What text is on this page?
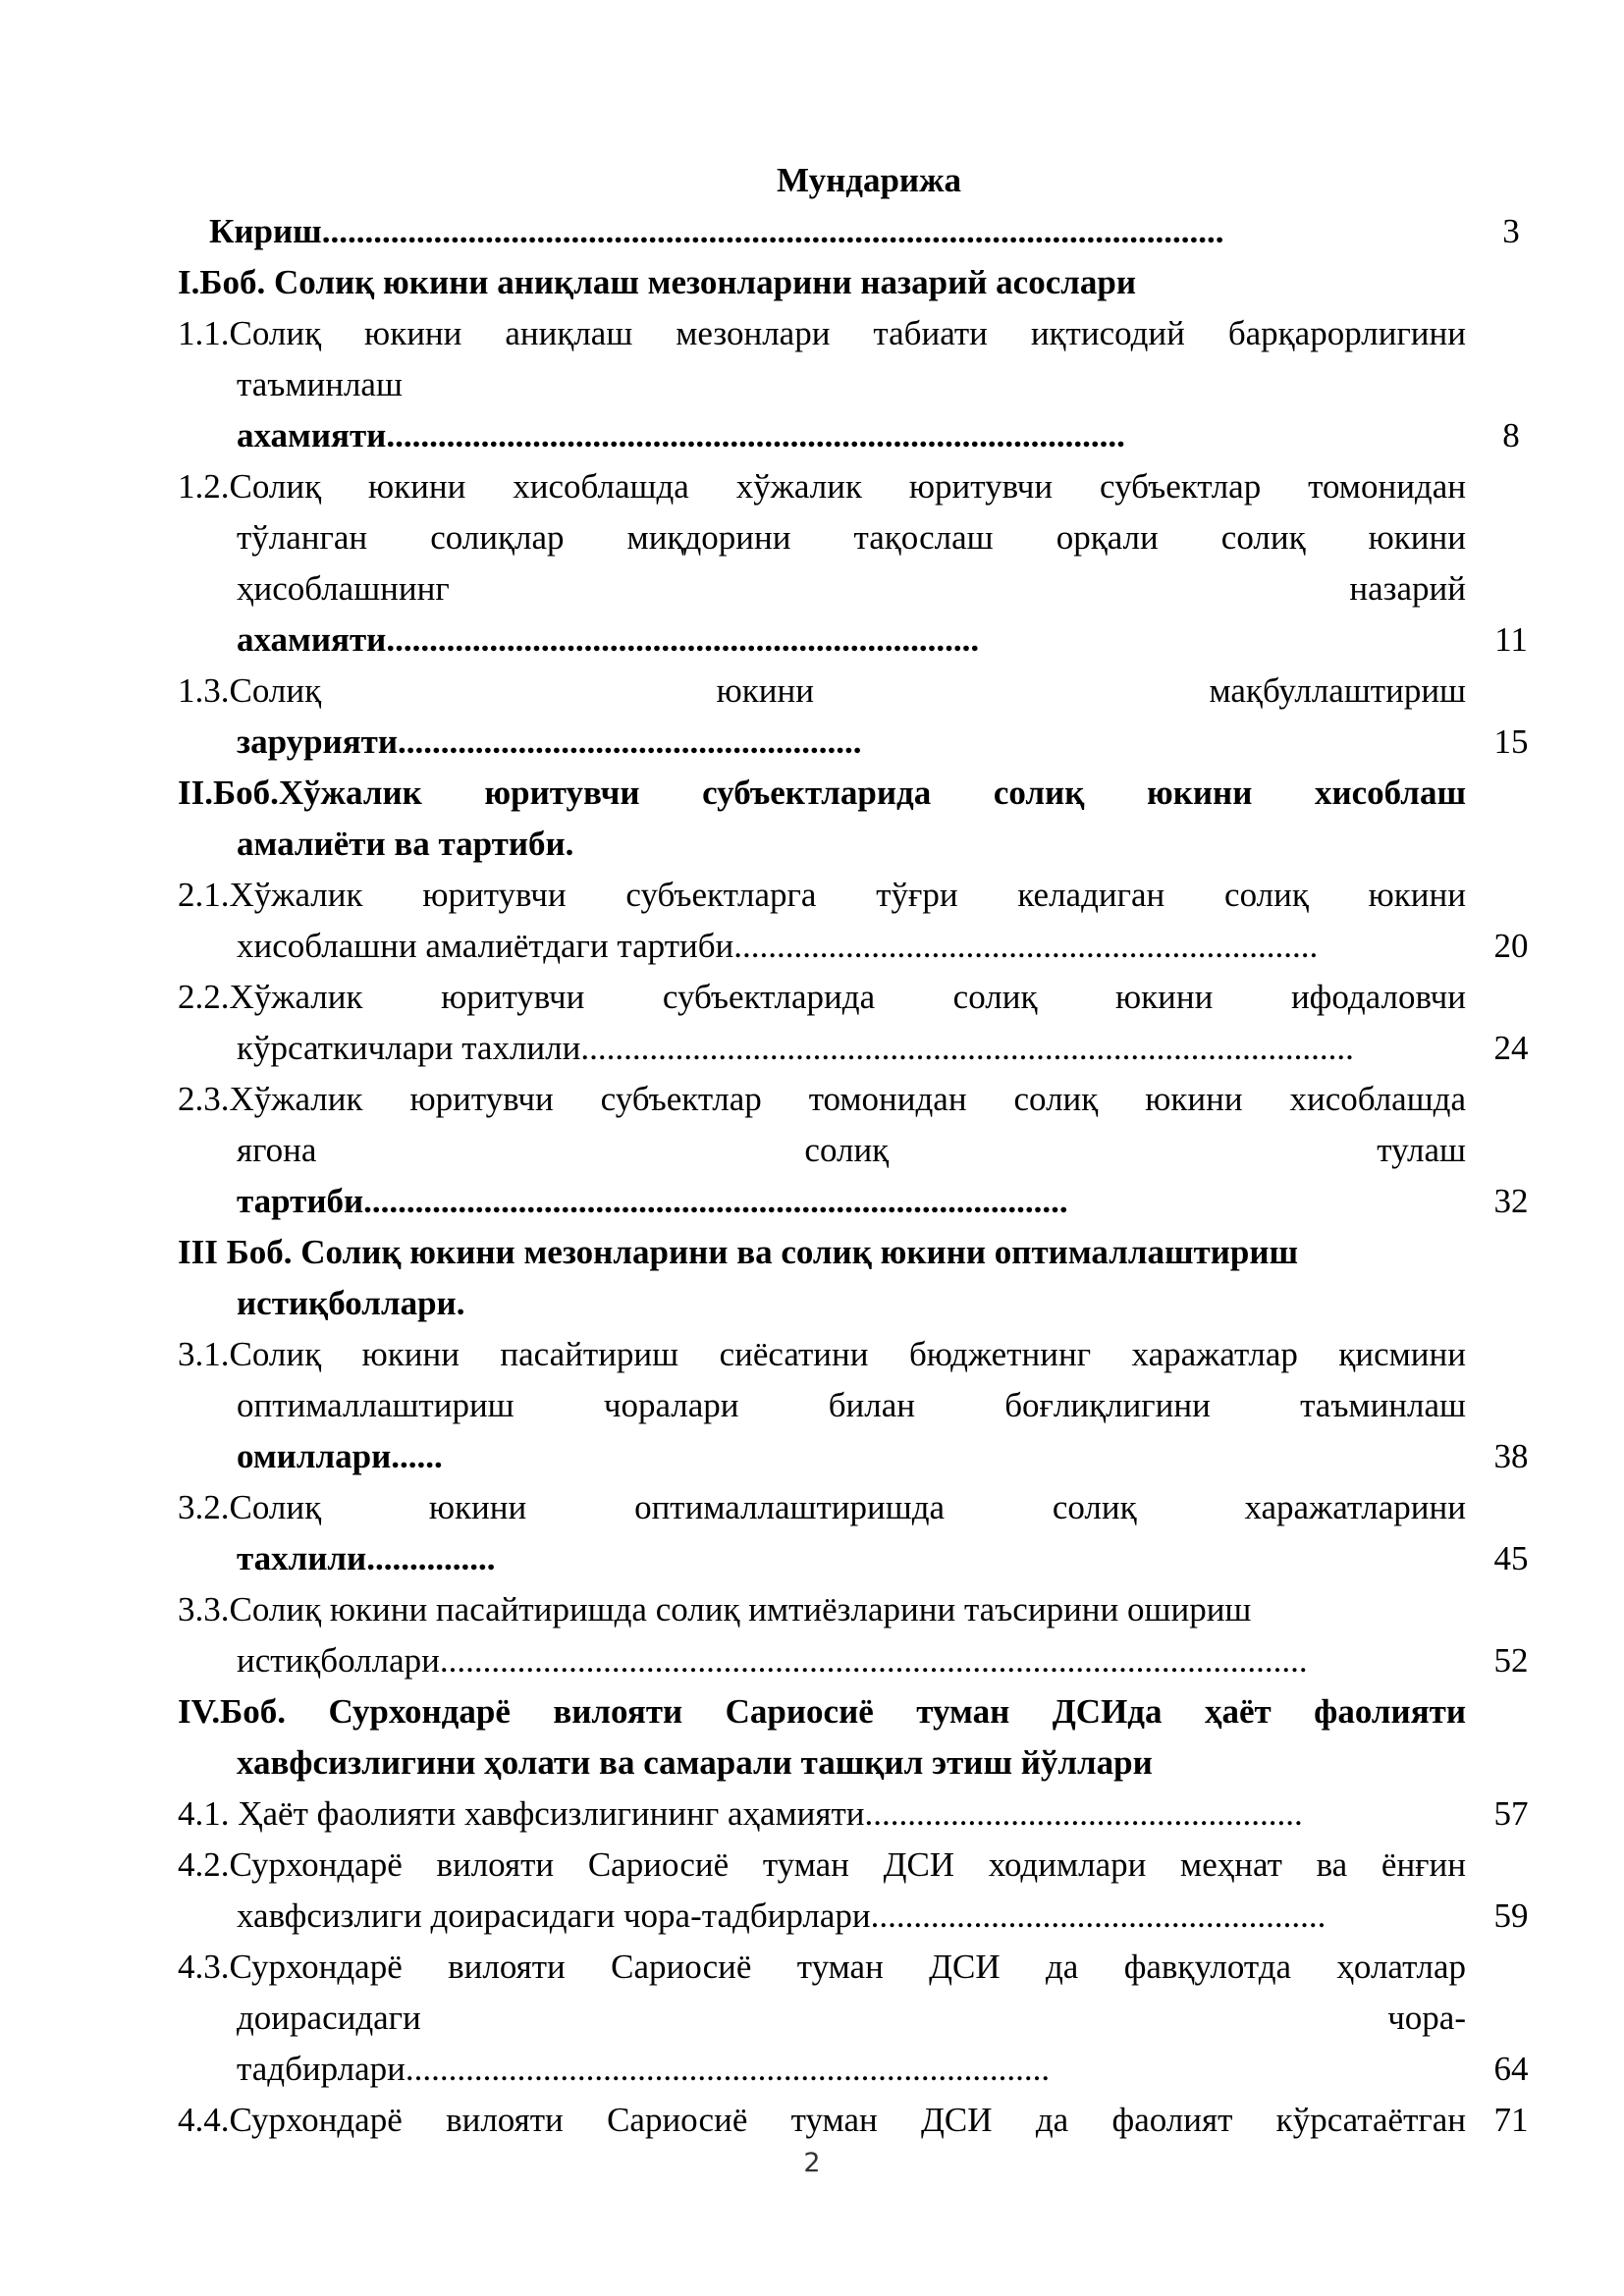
Мундарижа
Кириш.........................................................................................................	3
I.Боб. Солиқ юкини аниқлаш мезонларини назарий асослари
1.1.Солиқ юкини аниқлаш мезонлари табиати иқтисодий барқарорлигини
таъминлаш
ахамияти......................................................................................	8
1.2.Солиқ юкини хисоблашда хўжалик юритувчи субъектлар томонидан
тўланган солиқлар миқдорини тақослаш орқали солиқ юкини
ҳисоблашнинг назарий
ахамияти.....................................................................	11
1.3.Солиқ юкини мақбуллаштириш
зарурияти......................................................	15
II.Боб.Хўжалик юритувчи субъектларида солиқ юкини хисоблаш
амалиёти ва тартиби.
2.1.Хўжалик юритувчи субъектларга тўғри келадиган солиқ юкини
хисоблашни амалиётдаги тартиби....................................................................	20
2.2.Хўжалик юритувчи субъектларида солиқ юкини ифодаловчи
кўрсаткичлари тахлили..........................................................................................	24
2.3.Хўжалик юритувчи субъектлар томонидан солиқ юкини хисоблашда
ягона солиқ тулаш
тартиби..................................................................................	32
III Боб. Солиқ юкини мезонларини ва солиқ юкини оптималлаштириш
истиқболлари.
3.1.Солиқ юкини пасайтириш сиёсатини бюджетнинг харажатлар қисмини
оптималлаштириш чоралари билан боғлиқлигини таъминлаш
омиллари......	38
3.2.Солиқ юкини оптималлаштиришда солиқ харажатларини
тахлили...............	45
3.3.Солиқ юкини пасайтиришда солиқ имтиёзларини таъсирини ошириш
истиқболлари.....................................................................................................	52
IV.Боб. Сурхондарё вилояти Сариосиё туман ДСИда ҳаёт фаолияти
хавфсизлигини ҳолати ва самарали ташқил этиш йўллари
4.1. Ҳаёт фаолияти хавфсизлигининг аҳамияти...................................................	57
4.2.Сурхондарё вилояти Сариосиё туман ДСИ ходимлари меҳнат ва ёнғин
хавфсизлиги доирасидаги чора-тадбирлари.....................................................	59
4.3.Сурхондарё вилояти Сариосиё туман ДСИ да фавқулотда ҳолатлар
доирасидаги чора-
тадбирлари...........................................................................	64
4.4.Сурхондарё вилояти Сариосиё туман ДСИ да фаолият кўрсатаётган 71
2
